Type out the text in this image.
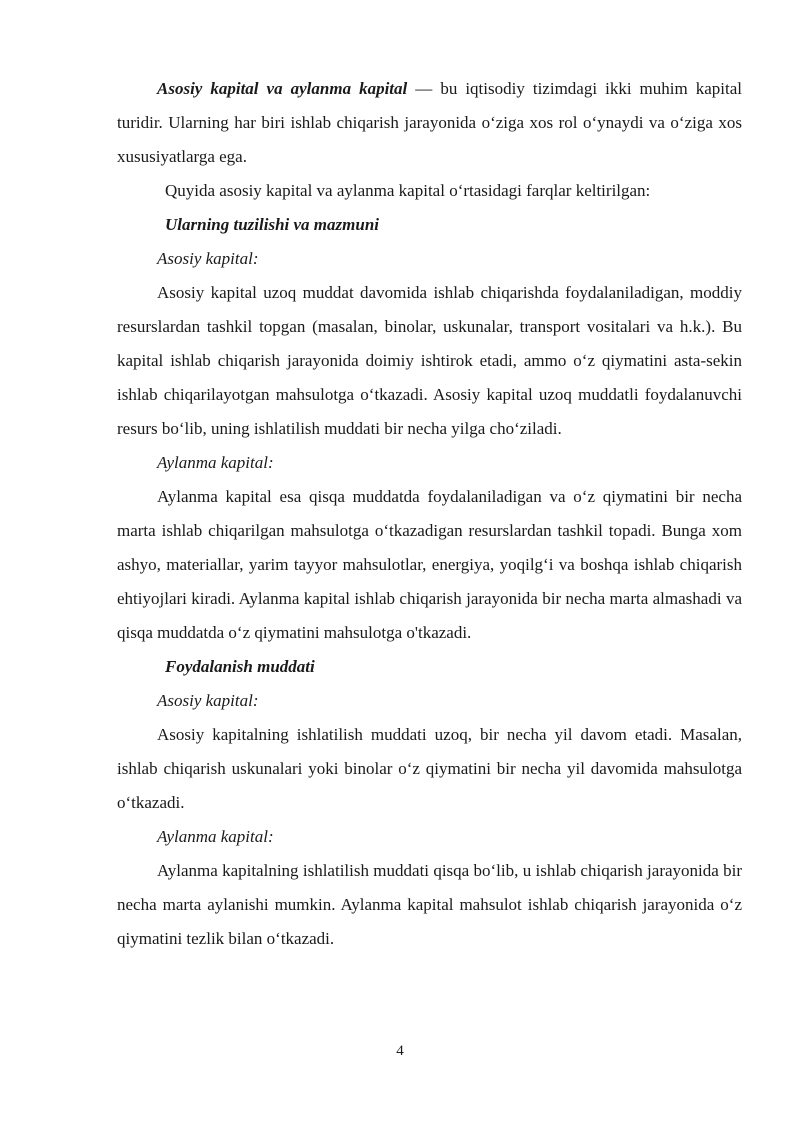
Asosiy kapital va aylanma kapital — bu iqtisodiy tizimdagi ikki muhim kapital turidir. Ularning har biri ishlab chiqarish jarayonida o‘ziga xos rol o‘ynaydi va o‘ziga xos xususiyatlarga ega.

Quyida asosiy kapital va aylanma kapital o‘rtasidagi farqlar keltirilgan:

Ularning tuzilishi va mazmuni

Asosiy kapital:

Asosiy kapital uzoq muddat davomida ishlab chiqarishda foydalaniladigan, moddiy resurslardan tashkil topgan (masalan, binolar, uskunalar, transport vositalari va h.k.). Bu kapital ishlab chiqarish jarayonida doimiy ishtirok etadi, ammo o‘z qiymatini asta-sekin ishlab chiqarilayotgan mahsulotga o‘tkazadi. Asosiy kapital uzoq muddatli foydalanuvchi resurs bo‘lib, uning ishlatilish muddati bir necha yilga cho‘ziladi.

Aylanma kapital:

Aylanma kapital esa qisqa muddatda foydalaniladigan va o‘z qiymatini bir necha marta ishlab chiqarilgan mahsulotga o‘tkazadigan resurslardan tashkil topadi. Bunga xom ashyo, materiallar, yarim tayyor mahsulotlar, energiya, yoqilg‘i va boshqa ishlab chiqarish ehtiyojlari kiradi. Aylanma kapital ishlab chiqarish jarayonida bir necha marta almashadi va qisqa muddatda o‘z qiymatini mahsulotga o'tkazadi.

Foydalanish muddati

Asosiy kapital:

Asosiy kapitalning ishlatilish muddati uzoq, bir necha yil davom etadi. Masalan, ishlab chiqarish uskunalari yoki binolar o‘z qiymatini bir necha yil davomida mahsulotga o‘tkazadi.

Aylanma kapital:

Aylanma kapitalning ishlatilish muddati qisqa bo‘lib, u ishlab chiqarish jarayonida bir necha marta aylanishi mumkin. Aylanma kapital mahsulot ishlab chiqarish jarayonida o‘z qiymatini tezlik bilan o‘tkazadi.

4
